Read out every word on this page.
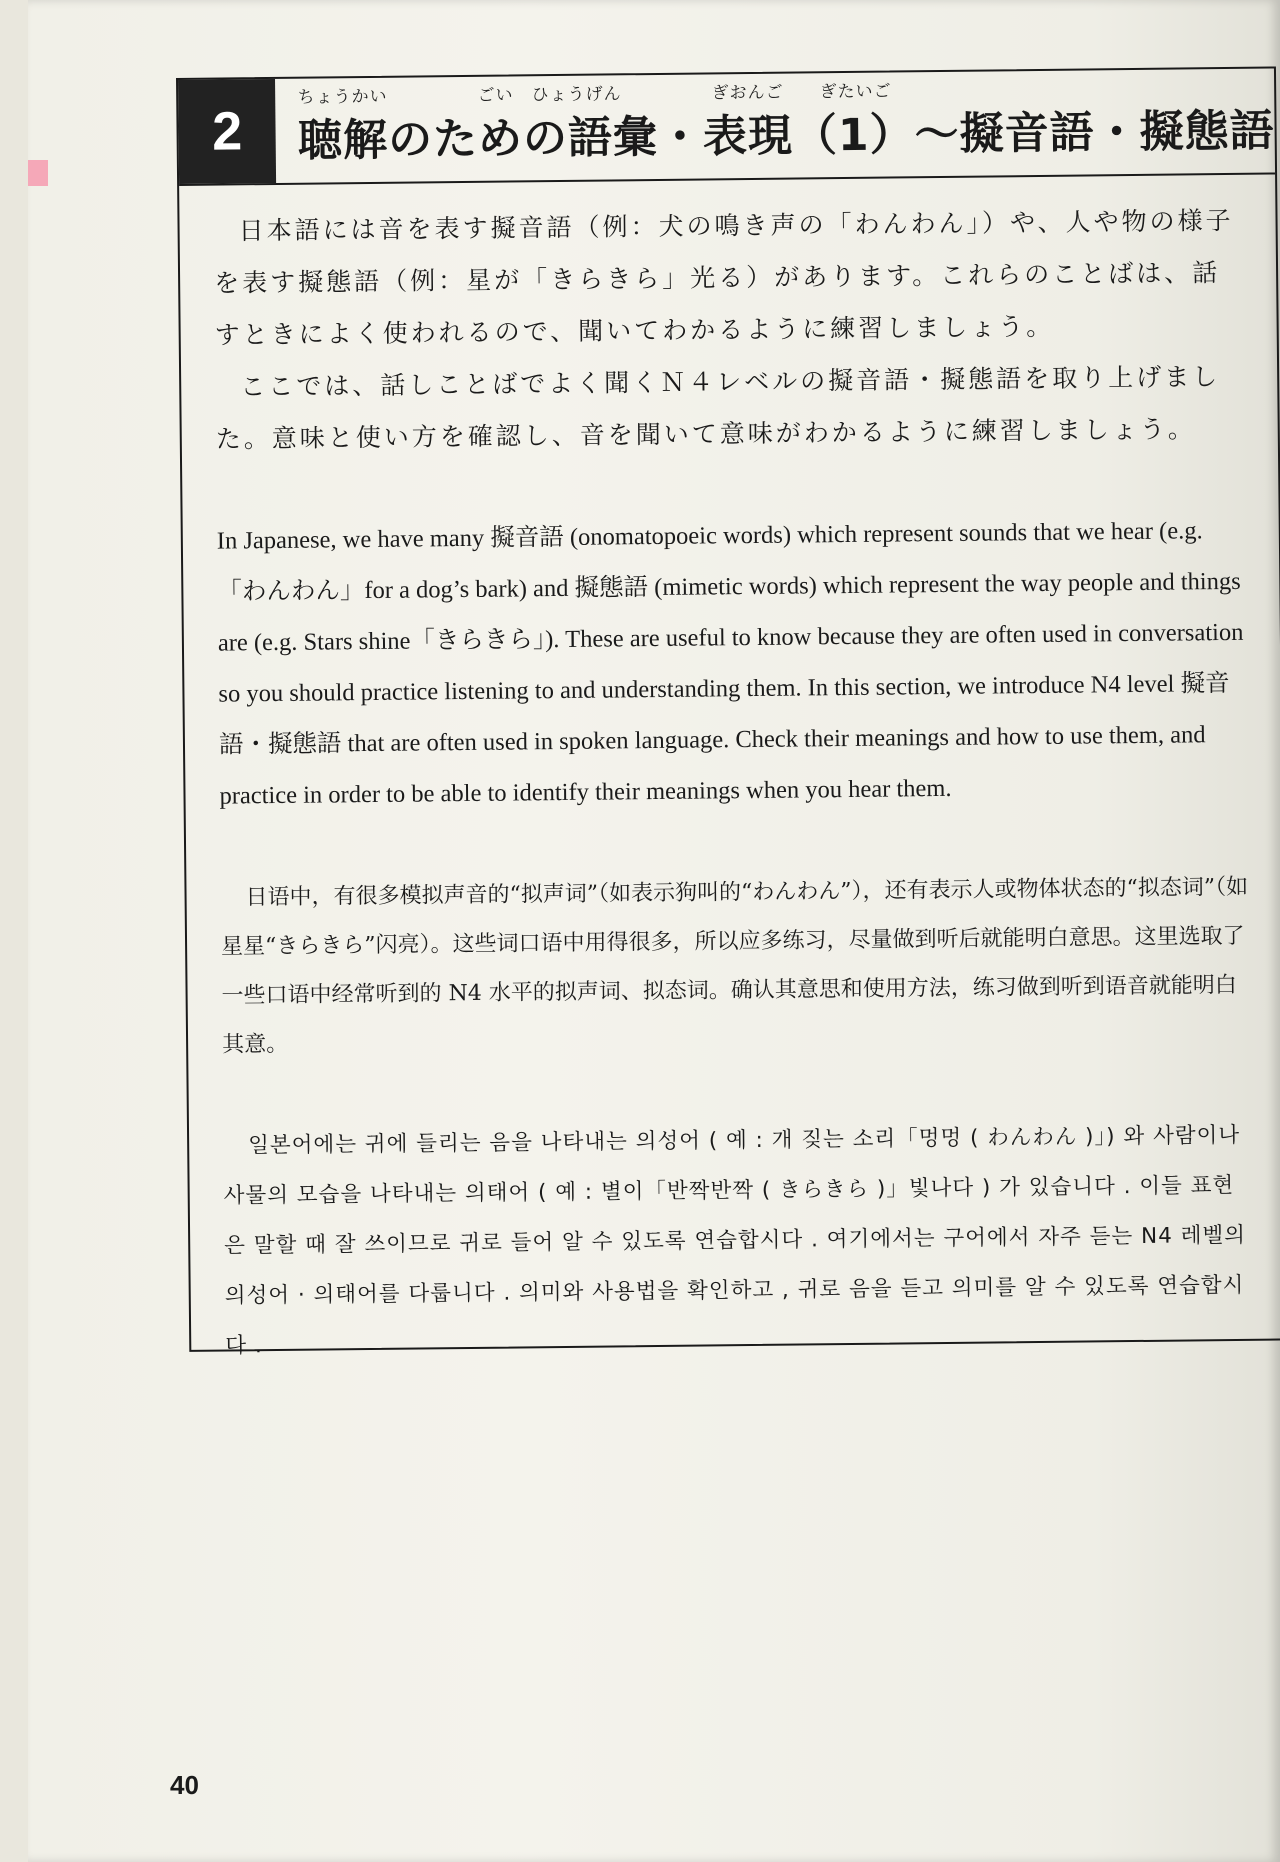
2
ちょうかい　　　　　ごい　ひょうげん　　　　　ぎおんご　　ぎたいご
聴解のための語彙・表現（1）～擬音語・擬態語

日本語には音を表す擬音語（例：犬の鳴き声の「わんわん」）や、人や物の様子を表す擬態語（例：星が「きらきら」光る）があります。これらのことばは、話すときによく使われるので、聞いてわかるように練習しましょう。

ここでは、話しことばでよく聞くＮ４レベルの擬音語・擬態語を取り上げました。意味と使い方を確認し、音を聞いて意味がわかるように練習しましょう。

In Japanese, we have many 擬音語 (onomatopoeic words) which represent sounds that we hear (e.g.「わんわん」for a dog’s bark) and 擬態語 (mimetic words) which represent the way people and things are (e.g. Stars shine「きらきら」). These are useful to know because they are often used in conversation so you should practice listening to and understanding them. In this section, we introduce N4 level 擬音語・擬態語 that are often used in spoken language. Check their meanings and how to use them, and practice in order to be able to identify their meanings when you hear them.

日语中，有很多模拟声音的“拟声词”（如表示狗叫的“わんわん”），还有表示人或物体状态的“拟态词”（如星星“きらきら”闪亮）。这些词口语中用得很多，所以应多练习，尽量做到听后就能明白意思。这里选取了一些口语中经常听到的 N4 水平的拟声词、拟态词。确认其意思和使用方法，练习做到听到语音就能明白其意。

일본어에는 귀에 들리는 음을 나타내는 의성어 ( 예 : 개 짖는 소리「멍멍 ( わんわん )」) 와 사람이나 사물의 모습을 나타내는 의태어 ( 예 : 별이「반짝반짝 ( きらきら )」빛나다 ) 가 있습니다 . 이들 표현은 말할 때 잘 쓰이므로 귀로 들어 알 수 있도록 연습합시다 . 여기에서는 구어에서 자주 듣는 N4 레벨의 의성어 · 의태어를 다룹니다 . 의미와 사용법을 확인하고 , 귀로 음을 듣고 의미를 알 수 있도록 연습합시다 .

40
